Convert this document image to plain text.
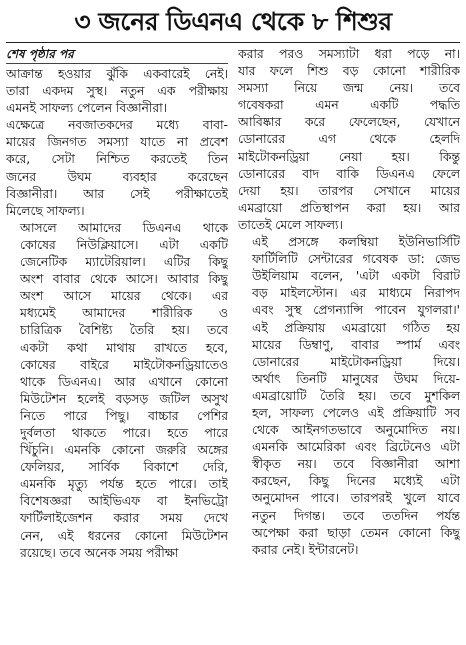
৩ জনের ডিএনএ থেকে ৮ শিশুর
শেষ পৃষ্ঠার পর

আক্রান্ত হওয়ার ঝুঁকি একবারেই নেই।
তারা একদম সুস্থ। নতুন এক পরীক্ষায়
এমনই সাফল্য পেলেন বিজ্ঞানীরা।

এক্ষেত্রে নবজাতকদের মধ্যে বাবা-
মায়ের জিনগত সমস্যা যাতে না প্রবেশ
করে, সেটা নিশ্চিত করতেই তিন
জনের উঘম ব্যবহার করেছেন
বিজ্ঞানীরা। আর সেই পরীক্ষাতেই
মিলেছে সাফল্য।

আসলে আমাদের ডিএনএ থাকে
কোষের নিউক্লিয়াসে। এটা একটি
জেনেটিক ম্যাটেরিয়াল। এটির কিছু
অংশ বাবার থেকে আসে। আবার কিছু
অংশ আসে মায়ের থেকে। এর
মধ্যমেই আমাদের শারীরিক ও
চারিত্রিক বৈশিষ্ট্য তৈরি হয়। তবে
একটা কথা মাথায় রাখতে হবে,
কোষের বাইরে মাইটোকনড্রিয়াতেও
থাকে ডিএনএ। আর এখানে কোনো
মিউটেশন হলেই বড়সড় জটিল অসুখ
নিতে পারে পিছু। বাচ্চার পেশির
দুর্বলতা থাকতে পারে। হতে পারে
খিঁচুনি। এমনকি কোনো জরুরি অঙ্গের
ফেলিয়র, সার্বিক বিকাশে দেরি,
এমনকি মৃত্যু পর্যন্ত হতে পারে। তাই
বিশেষজ্ঞরা আইভিএফ বা ইনভিট্রো
ফার্টিলাইজেশন করার সময় দেখে
নেন, এই ধরনের কোনো মিউটেশন
রয়েছে। তবে অনেক সময় পরীক্ষা

করার পরও সমস্যাটা ধরা পড়ে না।
যার ফলে শিশু বড় কোনো শারীরিক
সমস্যা নিয়ে জন্ম নেয়। তবে
গবেষকরা এমন একটি পদ্ধতি
আবিষ্কার করে ফেলেছেন, যেখানে
ডোনারের এগ থেকে হেলদি
মাইটোকনড্রিয়া নেয়া হয়। কিন্তু
ডোনারের বাদ বাকি ডিএনএ ফেলে
দেয়া হয়। তারপর সেখানে মায়ের
এমব্রায়ো প্রতিস্থাপন করা হয়। আর
তাতেই মেলে সাফল্য।

এই প্রসঙ্গে কলম্বিয়া ইউনিভার্সিটি
ফার্টিলিটি সেন্টারের গবেষক ডা: জেভ
উইলিয়াম বলেন, 'এটা একটা বিরাট
বড় মাইলস্টোন। এর মাধ্যমে নিরাপদ
এবং সুস্থ প্রেগন্যান্সি পাবেন যুগলরা।'
এই প্রক্রিয়ায় এমব্রায়ো গঠিত হয়
মায়ের ডিম্বাণু, বাবার স্পার্ম এবং
ডোনারের মাইটোকনড্রিয়া দিয়ে।
অর্থাৎ তিনটি মানুষের উঘম দিয়ে-
এমব্রায়োটি তৈরি হয়। তবে মুশকিল
হল, সাফল্য পেলেও এই প্রক্রিয়াটি সব
থেকে আইনগতভাবে অনুমোদিত নয়।
এমনকি আমেরিকা এবং ব্রিটেনেও এটা
স্বীকৃত নয়। তবে বিজ্ঞানীরা আশা
করছেন, কিছু দিনের মধ্যেই এটা
অনুমোদন পাবে। তারপরই খুলে যাবে
নতুন দিগন্ত। তবে ততদিন পর্যন্ত
অপেক্ষা করা ছাড়া তেমন কোনো কিছু
করার নেই। ইন্টারনেট।
